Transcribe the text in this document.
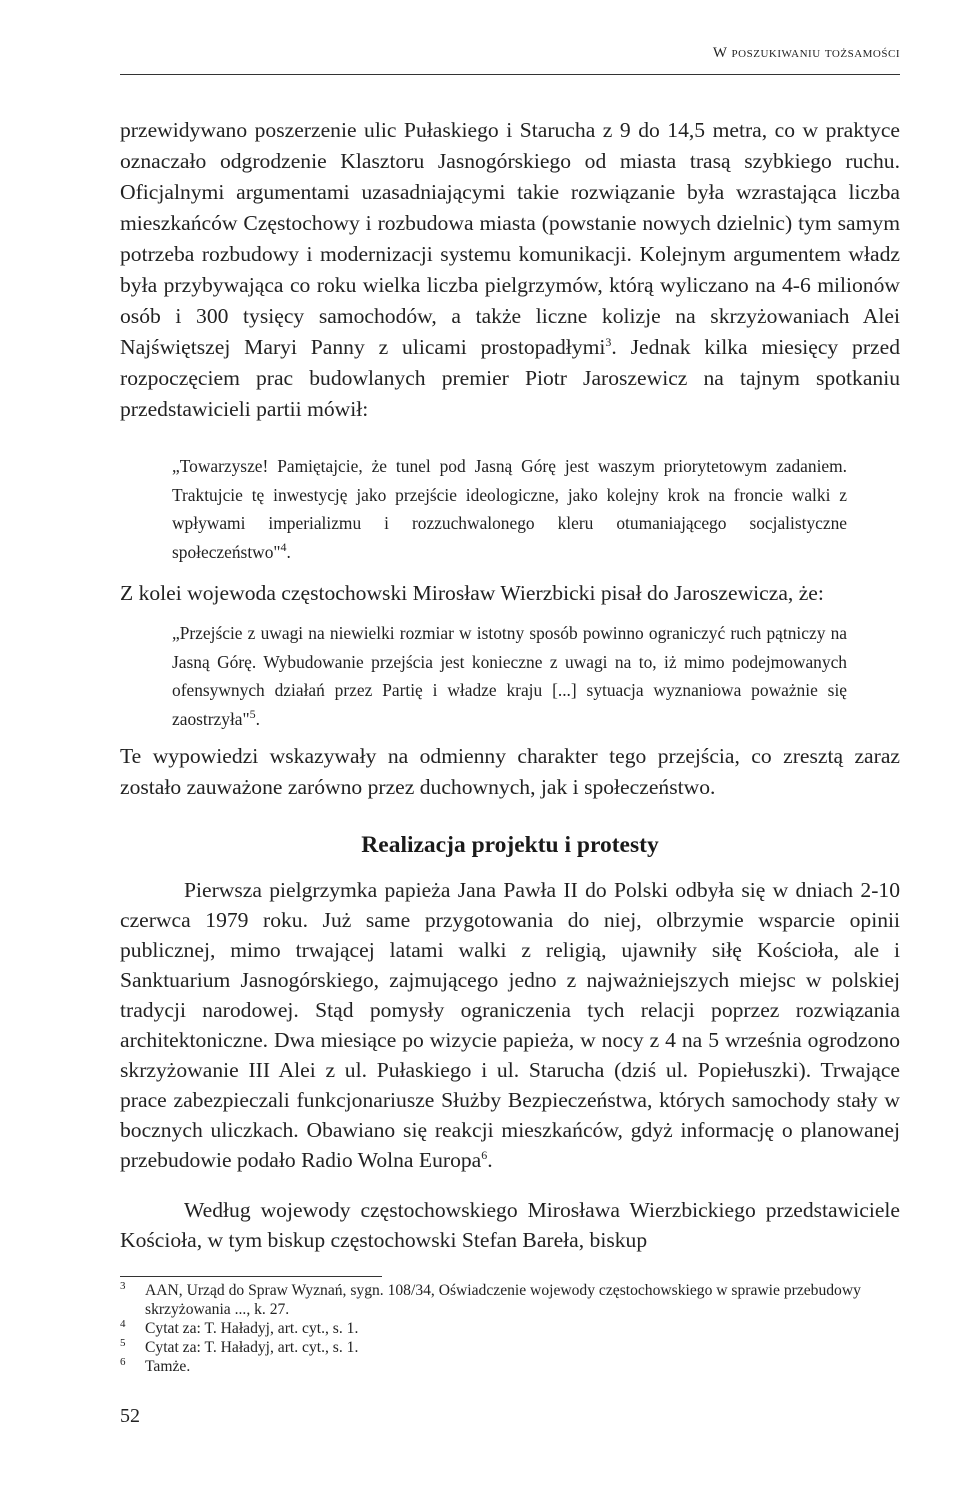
W poszukiwaniu tożsamości

przewidywano poszerzenie ulic Pułaskiego i Starucha z 9 do 14,5 metra, co w praktyce oznaczało odgrodzenie Klasztoru Jasnogórskiego od miasta trasą szybkiego ruchu. Oficjalnymi argumentami uzasadniającymi takie rozwiązanie była wzrastająca liczba mieszkańców Częstochowy i rozbudowa miasta (powstanie nowych dzielnic) tym samym potrzeba rozbudowy i modernizacji systemu komunikacji. Kolejnym argumentem władz była przybywająca co roku wielka liczba pielgrzymów, którą wyliczano na 4-6 milionów osób i 300 tysięcy samochodów, a także liczne kolizje na skrzyżowaniach Alei Najświętszej Maryi Panny z ulicami prostopadłymi$^3$. Jednak kilka miesięcy przed rozpoczęciem prac budowlanych premier Piotr Jaroszewicz na tajnym spotkaniu przedstawicieli partii mówił:

„Towarzysze! Pamiętajcie, że tunel pod Jasną Górę jest waszym priorytetowym zadaniem. Traktujcie tę inwestycję jako przejście ideologiczne, jako kolejny krok na froncie walki z wpływami imperializmu i rozzuchwalonego kleru otumaniającego socjalistyczne społeczeństwo"$^4$.

Z kolei wojewoda częstochowski Mirosław Wierzbicki pisał do Jaroszewicza, że:

„Przejście z uwagi na niewielki rozmiar w istotny sposób powinno ograniczyć ruch pątniczy na Jasną Górę. Wybudowanie przejścia jest konieczne z uwagi na to, iż mimo podejmowanych ofensywnych działań przez Partię i władze kraju [...] sytuacja wyznaniowa poważnie się zaostrzyła"$^5$.

Te wypowiedzi wskazywały na odmienny charakter tego przejścia, co zresztą zaraz zostało zauważone zarówno przez duchownych, jak i społeczeństwo.

Realizacja projektu i protesty

Pierwsza pielgrzymka papieża Jana Pawła II do Polski odbyła się w dniach 2-10 czerwca 1979 roku. Już same przygotowania do niej, olbrzymie wsparcie opinii publicznej, mimo trwającej latami walki z religią, ujawniły siłę Kościoła, ale i Sanktuarium Jasnogórskiego, zajmującego jedno z najważniejszych miejsc w polskiej tradycji narodowej. Stąd pomysły ograniczenia tych relacji poprzez rozwiązania architektoniczne. Dwa miesiące po wizycie papieża, w nocy z 4 na 5 września ogrodzono skrzyżowanie III Alei z ul. Pułaskiego i ul. Starucha (dziś ul. Popiełuszki). Trwające prace zabezpieczali funkcjonariusze Służby Bezpieczeństwa, których samochody stały w bocznych uliczkach. Obawiano się reakcji mieszkańców, gdyż informację o planowanej przebudowie podało Radio Wolna Europa$^6$.

Według wojewody częstochowskiego Mirosława Wierzbickiego przedstawiciele Kościoła, w tym biskup częstochowski Stefan Bareła, biskup

3 AAN, Urząd do Spraw Wyznań, sygn. 108/34, Oświadczenie wojewody częstochowskiego w sprawie przebudowy skrzyżowania ..., k. 27.

4 Cytat za: T. Haładyj, art. cyt., s. 1.

5 Cytat za: T. Haładyj, art. cyt., s. 1.

6 Tamże.

52
